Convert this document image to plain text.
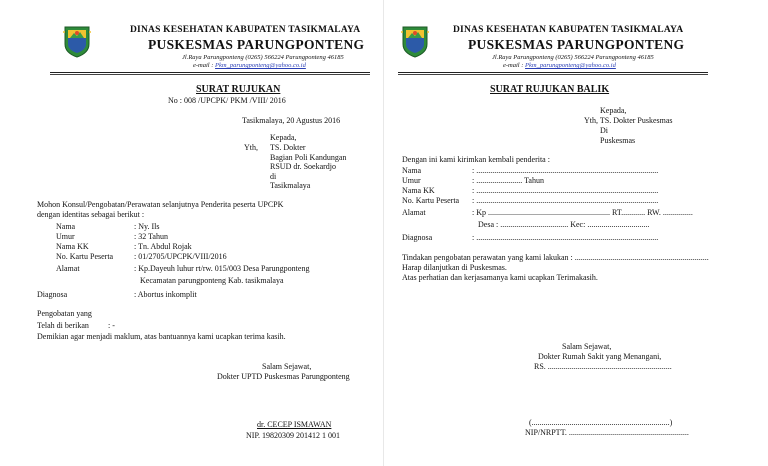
DINAS KESEHATAN KABUPATEN TASIKMALAYA
PUSKESMAS PARUNGPONTENG
Jl.Raya Parungponteng (0265) 566224 Parungponteng 46185
e-mail : Pkm_parungponteng@yahoo.co.id
SURAT RUJUKAN
No : 008 /UPCPK/ PKM /VIII/ 2016
Tasikmalaya, 20 Agustus 2016
Kepada,
Yth, TS. Dokter
Bagian Poli Kandungan
RSUD dr. Soekardjo
di
Tasikmalaya
Mohon Konsul/Pengobatan/Perawatan selanjutnya Penderita peserta UPCPK
dengan identitas sebagai berikut :
Nama	: Ny. Ils
Umur	: 32 Tahun
Nama KK	: Tn. Abdul Rojak
No. Kartu Peserta	: 01/2705/UPCPK/VIII/2016
Alamat	: Kp.Dayeuh luhur rt/rw. 015/003 Desa Parungponteng
Kecamatan parungponteng Kab. tasikmalaya
Diagnosa	: Abortus inkomplit
Pengobatan yang
Telah di berikan : -
Demikian agar menjadi maklum, atas bantuannya kami ucapkan terima kasih.
Salam Sejawat,
Dokter UPTD Puskesmas Parungponteng
dr. CECEP ISMAWAN
NIP. 19820309 201412 1 001
DINAS KESEHATAN KABUPATEN TASIKMALAYA
PUSKESMAS PARUNGPONTENG
Jl.Raya Parungponteng (0265) 566224 Parungponteng 46185
e-mail : Pkm_parungponteng@yahoo.co.id
SURAT RUJUKAN BALIK
Kepada,
Yth, TS. Dokter Puskesmas
Di
Puskesmas
Dengan ini kami kirimkan kembali penderita :
Nama	: ...........................................................................................
Umur	: ....................... Tahun
Nama KK	: ...........................................................................................
No. Kartu Peserta : ...........................................................................................
Alamat	: Kp ............................................................. RT............ RW. ...............
Desa : .................................. Kec: ...............................
Diagnosa	: ...........................................................................................
Tindakan pengobatan perawatan yang kami lakukan : ...................................................................
Harap dilanjutkan di Puskesmas.
Atas perhatian dan kerjasamanya kami ucapkan Terimakasih.
Salam Sejawat,
Dokter Rumah Sakit yang Menangani,
RS. ..............................................................
(.....................................................................)
NIP/NRPTT. ............................................................
